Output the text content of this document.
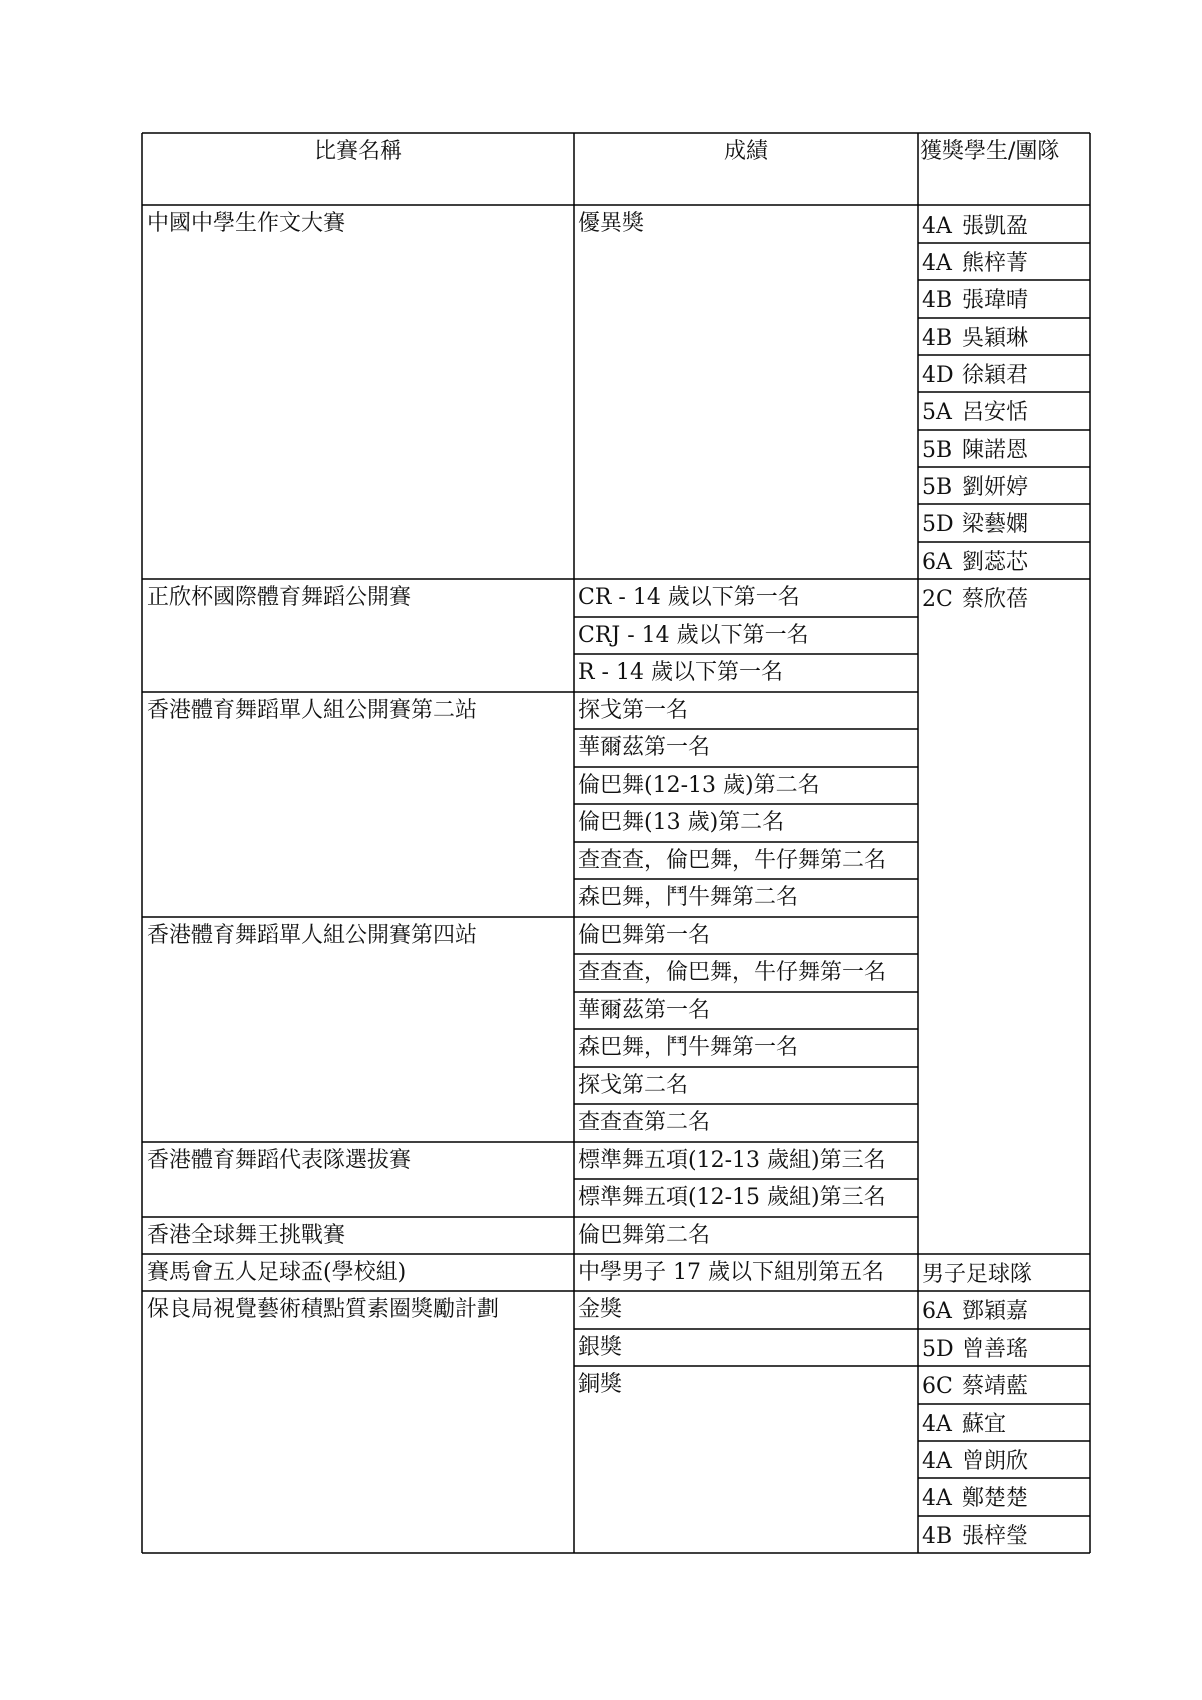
比賽名稱	成績	獲獎學生/團隊
中國中學生作文大賽
正欣杯國際體育舞蹈公開賽
香港體育舞蹈單人組公開賽第二站
香港體育舞蹈單人組公開賽第四站
香港體育舞蹈代表隊選拔賽
香港全球舞王挑戰賽
賽馬會五人足球盃(學校組)
保良局視覺藝術積點質素圈獎勵計劃
優異獎
CR - 14 歲以下第一名
CRJ - 14 歲以下第一名
R - 14 歲以下第一名
探戈第一名
華爾茲第一名
倫巴舞(12-13 歲)第二名
倫巴舞(13 歲)第二名
查查查，倫巴舞，牛仔舞第二名
森巴舞，鬥牛舞第二名
倫巴舞第一名
查查查，倫巴舞，牛仔舞第一名
華爾茲第一名
森巴舞，鬥牛舞第一名
探戈第二名
查查查第二名
標準舞五項(12-13 歲組)第三名
標準舞五項(12-15 歲組)第三名
倫巴舞第二名
中學男子 17 歲以下組別第五名
金獎
銀獎
銅獎
4A 張凱盈
4A 熊梓菁
4B 張瑋晴
4B 吳穎琳
4D 徐穎君
5A 呂安恬
5B 陳諾恩
5B 劉妍婷
5D 梁藝嫻
6A 劉蕊芯
2C 蔡欣蓓
男子足球隊
6A 鄧穎嘉
5D 曾善瑤
6C 蔡靖藍
4A 蘇宜
4A 曾朗欣
4A 鄭楚楚
4B 張梓瑩
